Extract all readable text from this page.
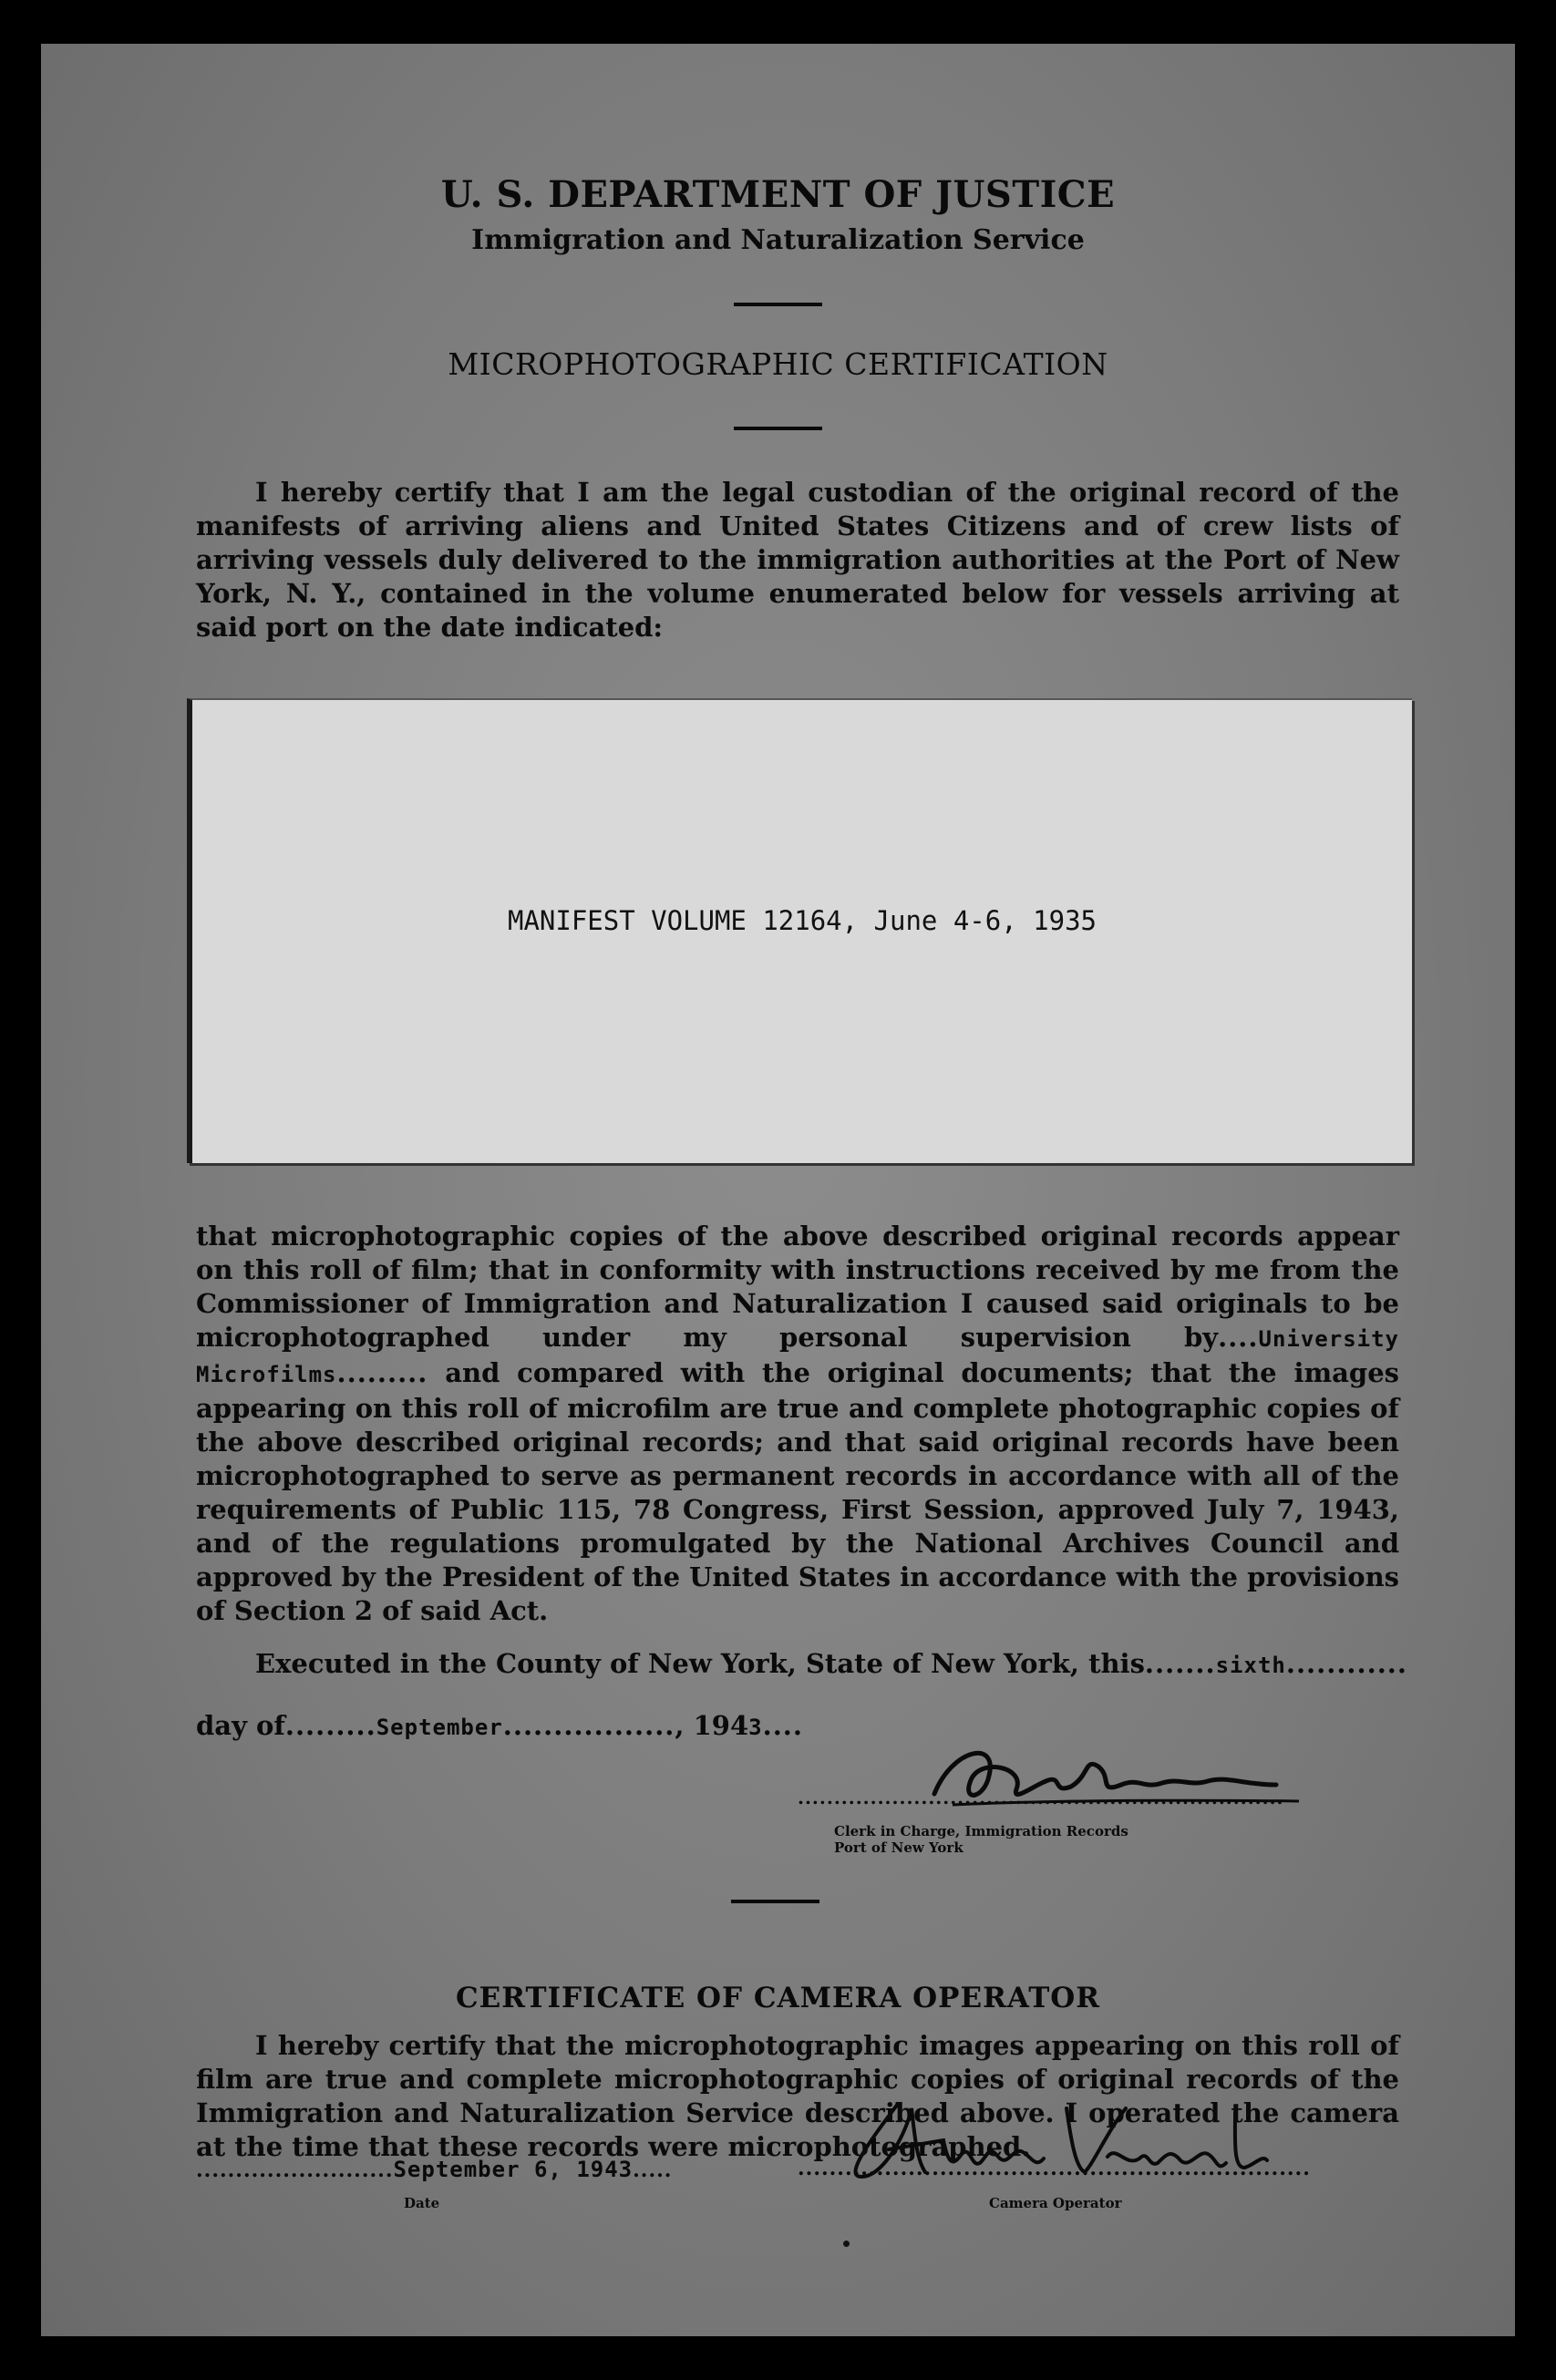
U. S. DEPARTMENT OF JUSTICE
Immigration and Naturalization Service
MICROPHOTOGRAPHIC CERTIFICATION
I hereby certify that I am the legal custodian of the original record of the manifests of arriving aliens and United States Citizens and of crew lists of arriving vessels duly delivered to the immigration authorities at the Port of New York, N. Y., contained in the volume enumerated below for vessels arriving at said port on the date indicated:
MANIFEST VOLUME 12164, June 4-6, 1935
that microphotographic copies of the above described original records appear on this roll of film; that in conformity with instructions received by me from the Commissioner of Immigration and Naturalization I caused said originals to be microphotographed under my personal supervision by....University Microfilms......... and compared with the original documents; that the images appearing on this roll of microfilm are true and complete photographic copies of the above described original records; and that said original records have been microphotographed to serve as permanent records in accordance with all of the requirements of Public 115, 78 Congress, First Session, approved July 7, 1943, and of the regulations promulgated by the National Archives Council and approved by the President of the United States in accordance with the provisions of Section 2 of said Act.
Executed in the County of New York, State of New York, this.......sixth............
day of.........September................., 1943....
...................................................................
Clerk in Charge, Immigration Records
Port of New York
CERTIFICATE OF CAMERA OPERATOR
I hereby certify that the microphotographic images appearing on this roll of film are true and complete microphotographic copies of original records of the Immigration and Naturalization Service described above. I operated the camera at the time that these records were microphotographed.
.........................September 6, 1943.....
Date
.................................................................
Camera Operator
